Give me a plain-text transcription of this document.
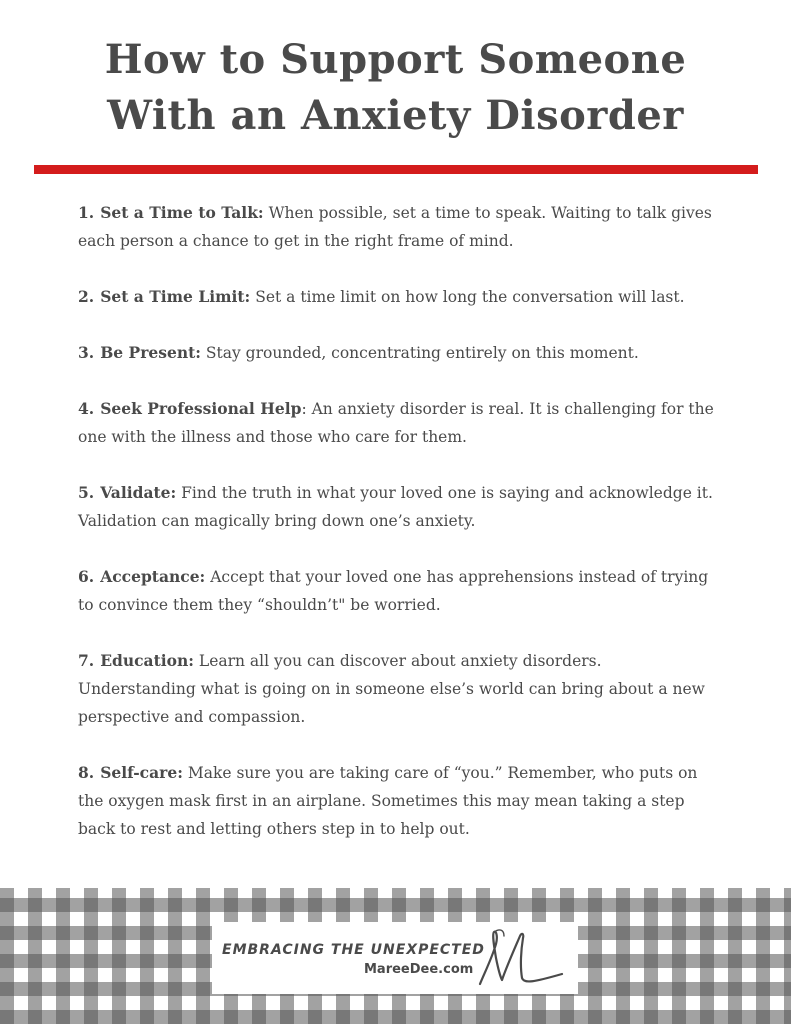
How to Support Someone
With an Anxiety Disorder
1. Set a Time to Talk: When possible, set a time to speak. Waiting to talk gives each person a chance to get in the right frame of mind.
2. Set a Time Limit: Set a time limit on how long the conversation will last.
3. Be Present: Stay grounded, concentrating entirely on this moment.
4. Seek Professional Help: An anxiety disorder is real. It is challenging for the one with the illness and those who care for them.
5. Validate: Find the truth in what your loved one is saying and acknowledge it. Validation can magically bring down one’s anxiety.
6. Acceptance: Accept that your loved one has apprehensions instead of trying to convince them they “shouldn’t" be worried.
7. Education: Learn all you can discover about anxiety disorders. Understanding what is going on in someone else’s world can bring about a new perspective and compassion.
8. Self-care: Make sure you are taking care of “you.” Remember, who puts on the oxygen mask first in an airplane. Sometimes this may mean taking a step back to rest and letting others step in to help out.
EMBRACING THE UNEXPECTED
MareeDee.com
